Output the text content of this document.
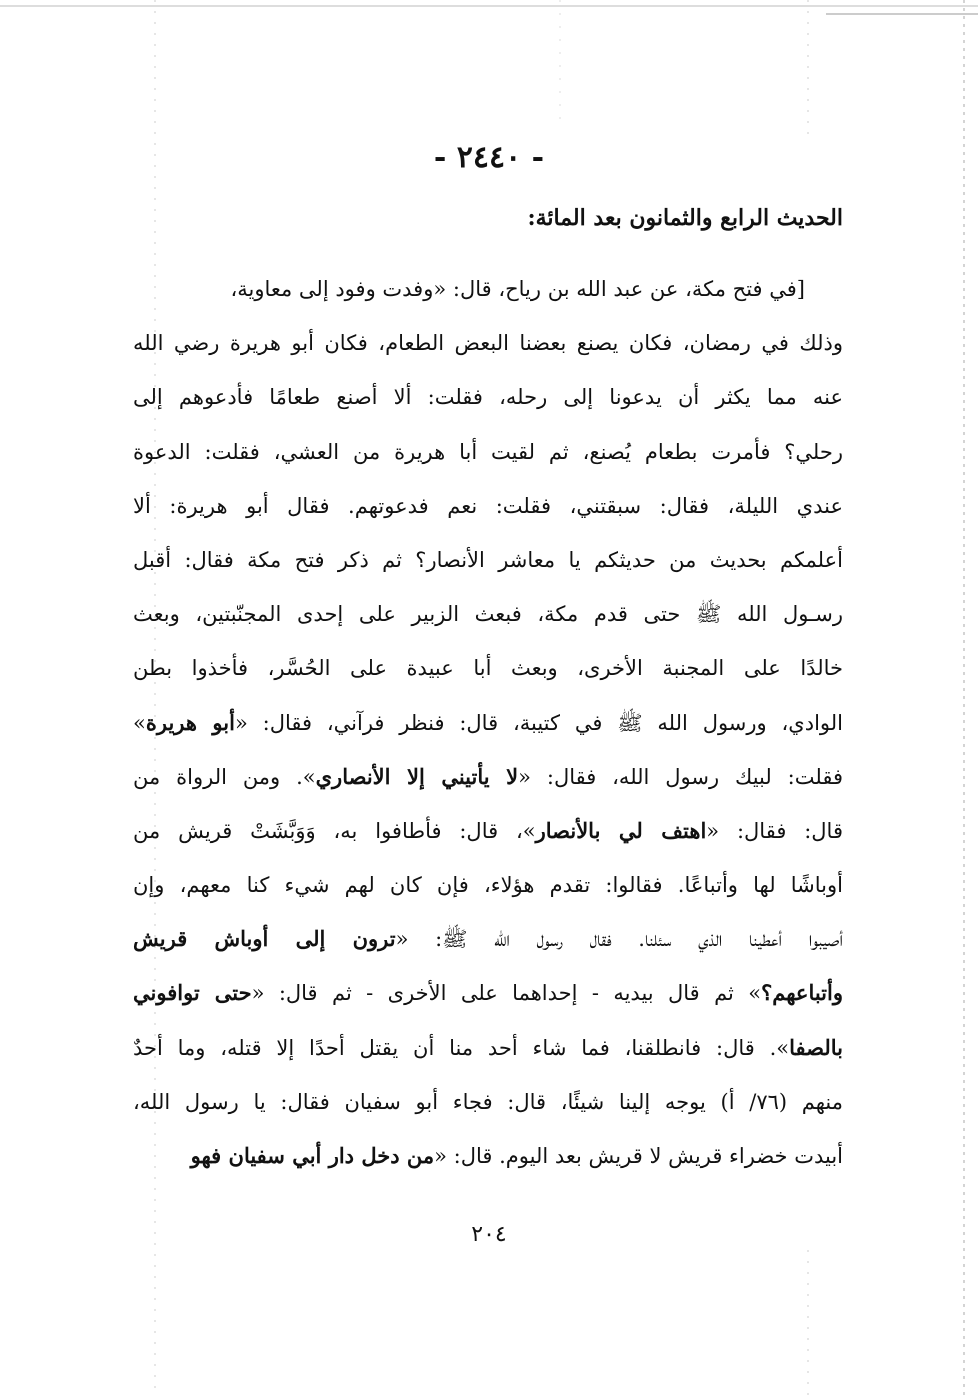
- ٢٤٤٠ -
الحديث الرابع والثمانون بعد المائة:
[في فتح مكة، عن عبد الله بن رياح، قال: «وفدت وفود إلى معاوية،
وذلك في رمضان، فكان يصنع بعضنا البعض الطعام، فكان أبو هريرة رضي الله
عنه مما يكثر أن يدعونا إلى رحله، فقلت: ألا أصنع طعامًا فأدعوهم إلى
رحلي؟ فأمرت بطعام يُصنع، ثم لقيت أبا هريرة من العشي، فقلت: الدعوة
عندي الليلة، فقال: سبقتني، فقلت: نعم فدعوتهم. فقال أبو هريرة: ألا
أعلمكم بحديث من حديثكم يا معاشر الأنصار؟ ثم ذكر فتح مكة فقال: أقبل
رسـول الله ﷺ حتى قدم مكة، فبعث الزبير على إحدى المجنّبتين، وبعث
خالدًا على المجنبة الأخرى، وبعث أبا عبيدة على الحُسَّر، فأخذوا بطن
الوادي، ورسول الله ﷺ في كتيبة، قال: فنظر فرآني، فقال: «أبو هريرة»
فقلت: لبيك رسول الله، فقال: «لا يأتيني إلا الأنصاري». ومن الرواة من
قال: فقال: «اهتف لي بالأنصار»، قال: فأطافوا به، وَوَبَّشَتْ قريش من
أوباشًا لها وأتباعًا. فقالوا: تقدم هؤلاء، فإن كان لهم شيء كنا معهم، وإن
أصيبوا أعطينا الذي سئلنا. فقال رسول الله ﷺ: «ترون إلى أوباش قريش
وأتباعهم؟» ثم قال بيديه - إحداهما على الأخرى - ثم قال: «حتى توافوني
بالصفا». قال: فانطلقنا، فما شاء أحد منا أن يقتل أحدًا إلا قتله، وما أحدٌ
منهم (٧٦/ أ) يوجه إلينا شيئًا، قال: فجاء أبو سفيان فقال: يا رسول الله،
أبيدت خضراء قريش لا قريش بعد اليوم. قال: «من دخل دار أبي سفيان فهو
٢٠٤
